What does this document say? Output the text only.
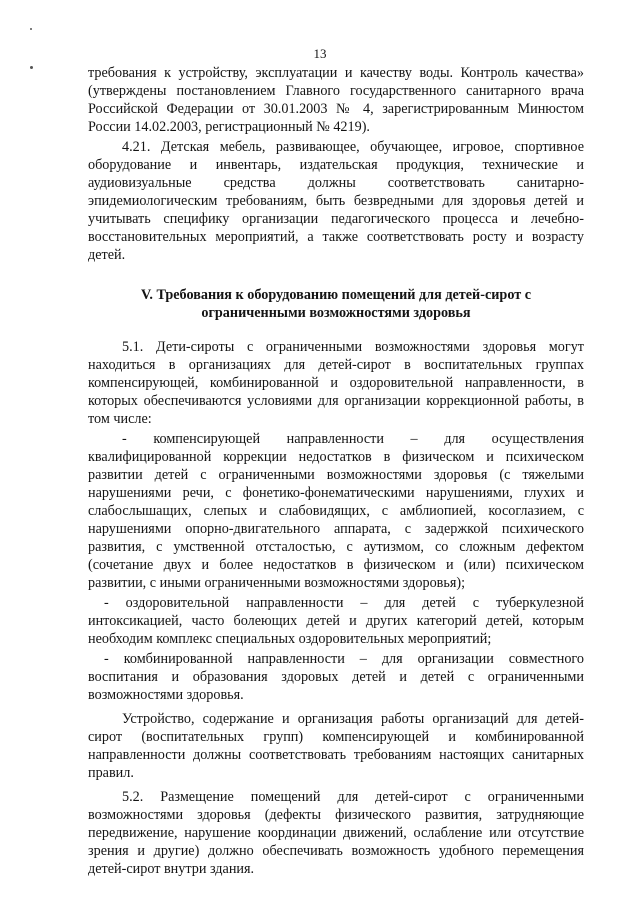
13

требования к устройству, эксплуатации и качеству воды. Контроль качества» (утверждены постановлением Главного государственного санитарного врача Российской Федерации от 30.01.2003 № 4, зарегистрированным Минюстом России 14.02.2003, регистрационный № 4219).

4.21. Детская мебель, развивающее, обучающее, игровое, спортивное оборудование и инвентарь, издательская продукция, технические и аудиовизуальные средства должны соответствовать санитарно-эпидемиологическим требованиям, быть безвредными для здоровья детей и учитывать специфику организации педагогического процесса и лечебно-восстановительных мероприятий, а также соответствовать росту и возрасту детей.

V. Требования к оборудованию помещений для детей-сирот с
ограниченными возможностями здоровья

5.1. Дети-сироты с ограниченными возможностями здоровья могут находиться в организациях для детей-сирот в воспитательных группах компенсирующей, комбинированной и оздоровительной направленности, в которых обеспечиваются условиями для организации коррекционной работы, в том числе:

- компенсирующей направленности – для осуществления квалифицированной коррекции недостатков в физическом и психическом развитии детей с ограниченными возможностями здоровья (с тяжелыми нарушениями речи, с фонетико-фонематическими нарушениями, глухих и слабослышащих, слепых и слабовидящих, с амблиопией, косоглазием, с нарушениями опорно-двигательного аппарата, с задержкой психического развития, с умственной отсталостью, с аутизмом, со сложным дефектом (сочетание двух и более недостатков в физическом и (или) психическом развитии, с иными ограниченными возможностями здоровья);

- оздоровительной направленности – для детей с туберкулезной интоксикацией, часто болеющих детей и других категорий детей, которым необходим комплекс специальных оздоровительных мероприятий;

- комбинированной направленности – для организации совместного воспитания и образования здоровых детей и детей с ограниченными возможностями здоровья.

Устройство, содержание и организация работы организаций для детей-сирот (воспитательных групп) компенсирующей и комбинированной направленности должны соответствовать требованиям настоящих санитарных правил.

5.2. Размещение помещений для детей-сирот с ограниченными возможностями здоровья (дефекты физического развития, затрудняющие передвижение, нарушение координации движений, ослабление или отсутствие зрения и другие) должно обеспечивать возможность удобного перемещения детей-сирот внутри здания.
